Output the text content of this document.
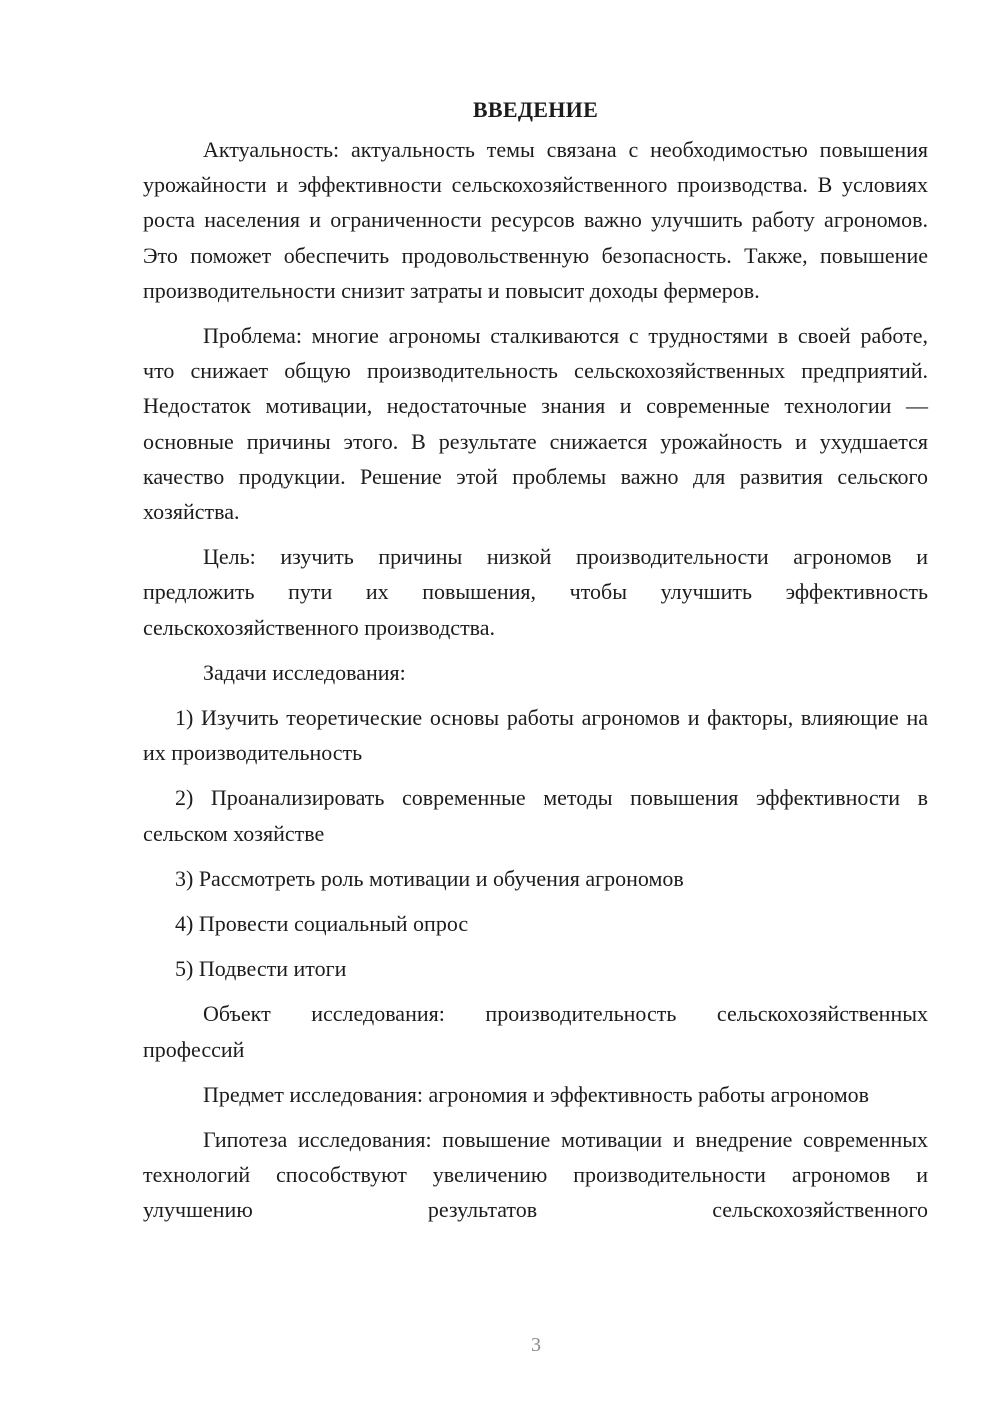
ВВЕДЕНИЕ

Актуальность: актуальность темы связана с необходимостью повышения урожайности и эффективности сельскохозяйственного производства. В условиях роста населения и ограниченности ресурсов важно улучшить работу агрономов. Это поможет обеспечить продовольственную безопасность. Также, повышение производительности снизит затраты и повысит доходы фермеров.

Проблема: многие агрономы сталкиваются с трудностями в своей работе, что снижает общую производительность сельскохозяйственных предприятий. Недостаток мотивации, недостаточные знания и современные технологии — основные причины этого. В результате снижается урожайность и ухудшается качество продукции. Решение этой проблемы важно для развития сельского хозяйства.

Цель: изучить причины низкой производительности агрономов и предложить пути их повышения, чтобы улучшить эффективность сельскохозяйственного производства.

Задачи исследования:

1) Изучить теоретические основы работы агрономов и факторы, влияющие на их производительность

2) Проанализировать современные методы повышения эффективности в сельском хозяйстве

3) Рассмотреть роль мотивации и обучения агрономов

4) Провести социальный опрос

5) Подвести итоги

Объект исследования: производительность сельскохозяйственных профессий

Предмет исследования: агрономия и эффективность работы агрономов

Гипотеза исследования: повышение мотивации и внедрение современных технологий способствуют увеличению производительности агрономов и улучшению результатов сельскохозяйственного

3
